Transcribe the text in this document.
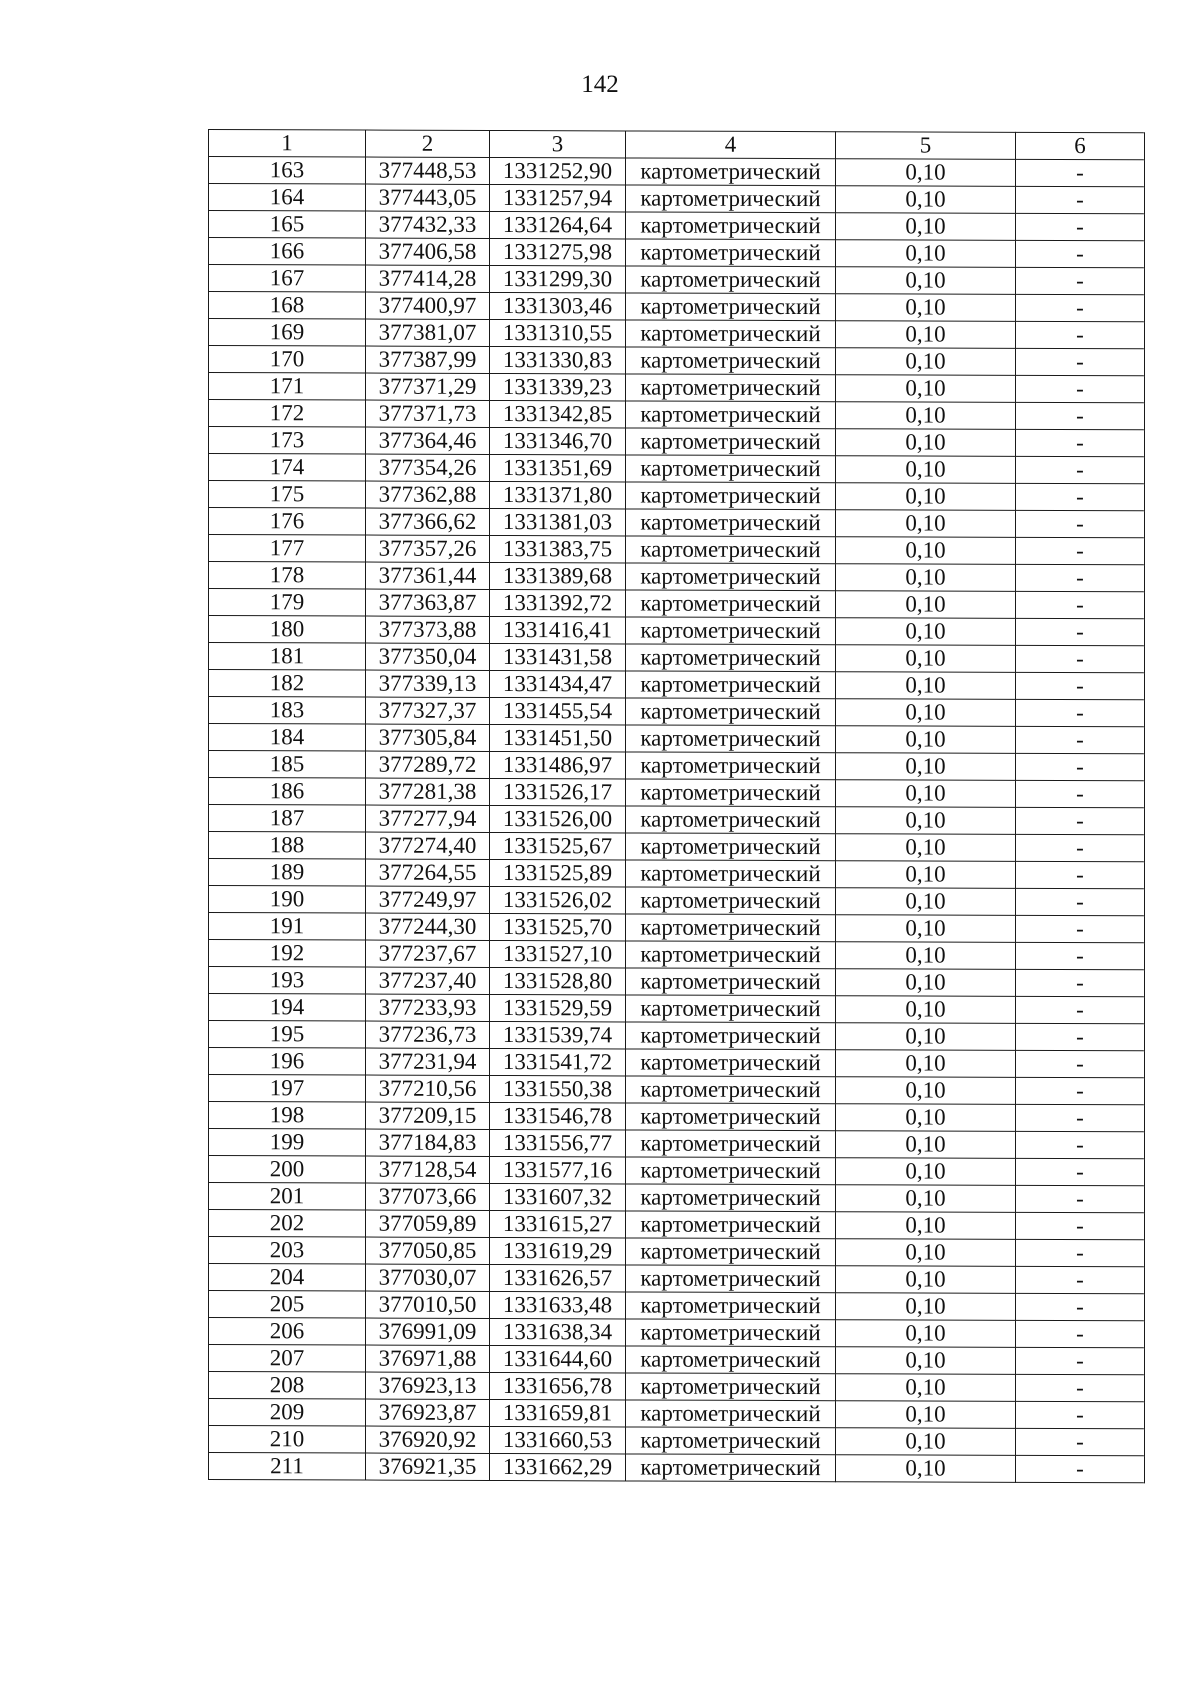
142
1	2	3	4	5	6
163	377448,53	1331252,90	картометрический	0,10	-
164	377443,05	1331257,94	картометрический	0,10	-
165	377432,33	1331264,64	картометрический	0,10	-
166	377406,58	1331275,98	картометрический	0,10	-
167	377414,28	1331299,30	картометрический	0,10	-
168	377400,97	1331303,46	картометрический	0,10	-
169	377381,07	1331310,55	картометрический	0,10	-
170	377387,99	1331330,83	картометрический	0,10	-
171	377371,29	1331339,23	картометрический	0,10	-
172	377371,73	1331342,85	картометрический	0,10	-
173	377364,46	1331346,70	картометрический	0,10	-
174	377354,26	1331351,69	картометрический	0,10	-
175	377362,88	1331371,80	картометрический	0,10	-
176	377366,62	1331381,03	картометрический	0,10	-
177	377357,26	1331383,75	картометрический	0,10	-
178	377361,44	1331389,68	картометрический	0,10	-
179	377363,87	1331392,72	картометрический	0,10	-
180	377373,88	1331416,41	картометрический	0,10	-
181	377350,04	1331431,58	картометрический	0,10	-
182	377339,13	1331434,47	картометрический	0,10	-
183	377327,37	1331455,54	картометрический	0,10	-
184	377305,84	1331451,50	картометрический	0,10	-
185	377289,72	1331486,97	картометрический	0,10	-
186	377281,38	1331526,17	картометрический	0,10	-
187	377277,94	1331526,00	картометрический	0,10	-
188	377274,40	1331525,67	картометрический	0,10	-
189	377264,55	1331525,89	картометрический	0,10	-
190	377249,97	1331526,02	картометрический	0,10	-
191	377244,30	1331525,70	картометрический	0,10	-
192	377237,67	1331527,10	картометрический	0,10	-
193	377237,40	1331528,80	картометрический	0,10	-
194	377233,93	1331529,59	картометрический	0,10	-
195	377236,73	1331539,74	картометрический	0,10	-
196	377231,94	1331541,72	картометрический	0,10	-
197	377210,56	1331550,38	картометрический	0,10	-
198	377209,15	1331546,78	картометрический	0,10	-
199	377184,83	1331556,77	картометрический	0,10	-
200	377128,54	1331577,16	картометрический	0,10	-
201	377073,66	1331607,32	картометрический	0,10	-
202	377059,89	1331615,27	картометрический	0,10	-
203	377050,85	1331619,29	картометрический	0,10	-
204	377030,07	1331626,57	картометрический	0,10	-
205	377010,50	1331633,48	картометрический	0,10	-
206	376991,09	1331638,34	картометрический	0,10	-
207	376971,88	1331644,60	картометрический	0,10	-
208	376923,13	1331656,78	картометрический	0,10	-
209	376923,87	1331659,81	картометрический	0,10	-
210	376920,92	1331660,53	картометрический	0,10	-
211	376921,35	1331662,29	картометрический	0,10	-
